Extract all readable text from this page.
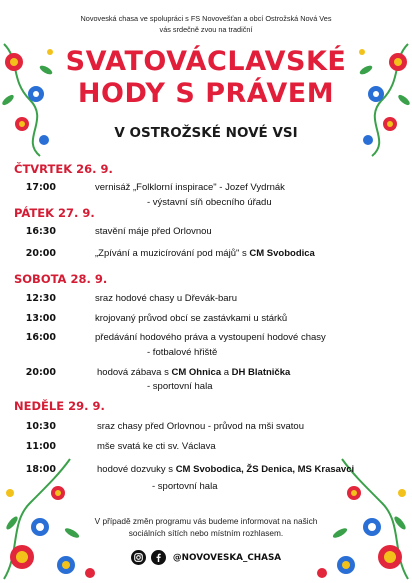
Novoveská chasa ve spolupráci s FS Novovešťan a obcí Ostrožská Nová Ves
vás srdečně zvou na tradiční
SVATOVÁCLAVSKÉ
HODY S PRÁVEM
V OSTROŽSKÉ NOVÉ VSI
ČTVRTEK 26. 9.
17:00	vernisáž „Folklorní inspirace" - Jozef Vydrnák
- výstavní síň obecního úřadu
PÁTEK 27. 9.
16:30	stavění máje před Orlovnou
20:00	„Zpívání a muzicírování pod májů" s CM Svobodica
SOBOTA 28. 9.
12:30	sraz hodové chasy u Dřevák-baru
13:00	krojovaný průvod obcí se zastávkami u stárků
16:00	předávání hodového práva a vystoupení hodové chasy
- fotbalové hřiště
20:00	hodová zábava s CM Ohnica a DH Blatnička
- sportovní hala
NEDĚLE 29. 9.
10:30	sraz chasy před Orlovnou - průvod na mši svatou
11:00	mše svatá ke cti sv. Václava
18:00	hodové dozvuky s CM Svobodica, ŽS Denica, MS Krasavci
- sportovní hala
V případě změn programu vás budeme informovat na našich
sociálních sítích nebo místním rozhlasem.
@NOVOVESKA_CHASA
